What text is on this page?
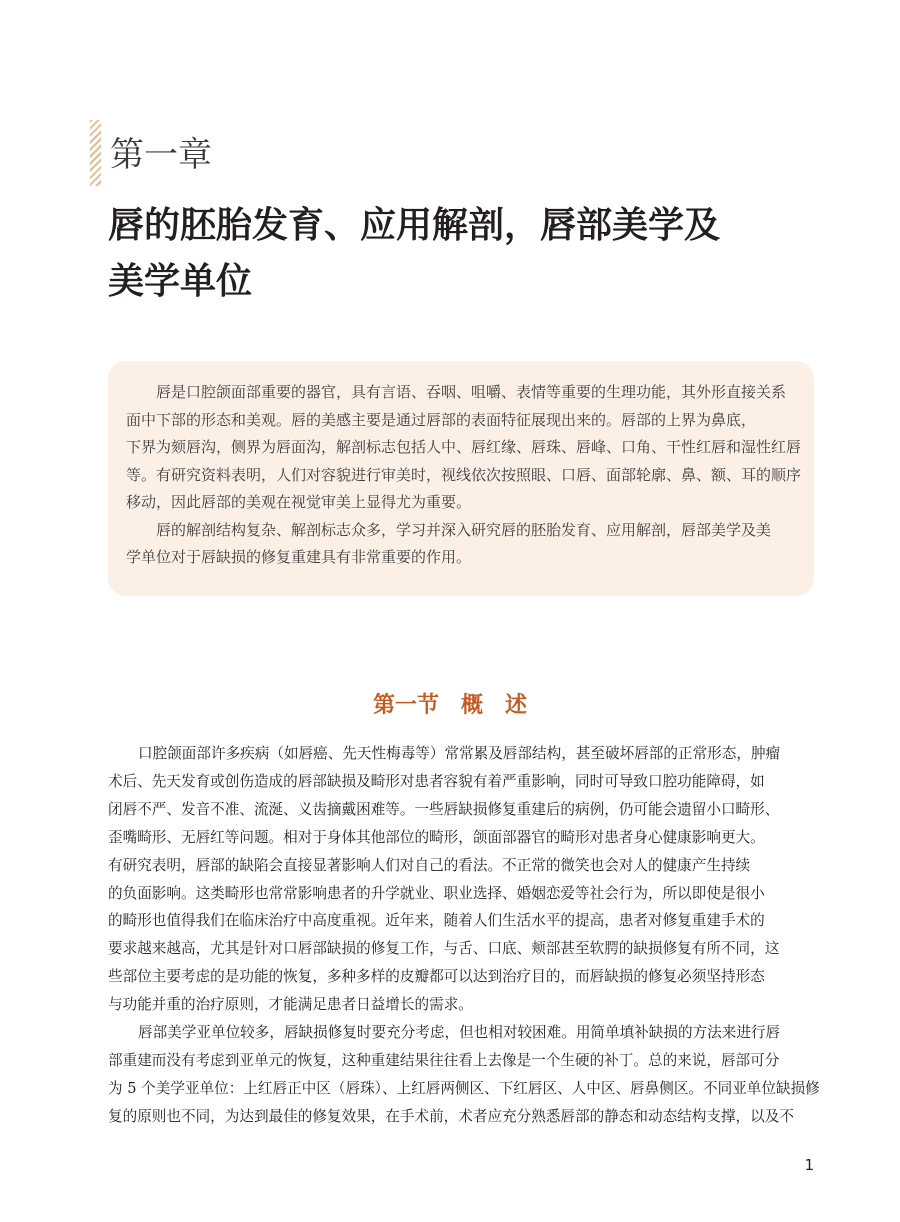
第一章
唇的胚胎发育、应用解剖，唇部美学及
美学单位

唇是口腔颌面部重要的器官，具有言语、吞咽、咀嚼、表情等重要的生理功能，其外形直接关系
面中下部的形态和美观。唇的美感主要是通过唇部的表面特征展现出来的。唇部的上界为鼻底，
下界为颏唇沟，侧界为唇面沟，解剖标志包括人中、唇红缘、唇珠、唇峰、口角、干性红唇和湿性红唇
等。有研究资料表明，人们对容貌进行审美时，视线依次按照眼、口唇、面部轮廓、鼻、额、耳的顺序
移动，因此唇部的美观在视觉审美上显得尤为重要。

唇的解剖结构复杂、解剖标志众多，学习并深入研究唇的胚胎发育、应用解剖，唇部美学及美
学单位对于唇缺损的修复重建具有非常重要的作用。

第一节　概　述

口腔颌面部许多疾病（如唇癌、先天性梅毒等）常常累及唇部结构，甚至破坏唇部的正常形态，肿瘤
术后、先天发育或创伤造成的唇部缺损及畸形对患者容貌有着严重影响，同时可导致口腔功能障碍，如
闭唇不严、发音不准、流涎、义齿摘戴困难等。一些唇缺损修复重建后的病例，仍可能会遗留小口畸形、
歪嘴畸形、无唇红等问题。相对于身体其他部位的畸形，颌面部器官的畸形对患者身心健康影响更大。
有研究表明，唇部的缺陷会直接显著影响人们对自己的看法。不正常的微笑也会对人的健康产生持续
的负面影响。这类畸形也常常影响患者的升学就业、职业选择、婚姻恋爱等社会行为，所以即使是很小
的畸形也值得我们在临床治疗中高度重视。近年来，随着人们生活水平的提高，患者对修复重建手术的
要求越来越高，尤其是针对口唇部缺损的修复工作，与舌、口底、颊部甚至软腭的缺损修复有所不同，这
些部位主要考虑的是功能的恢复，多种多样的皮瓣都可以达到治疗目的，而唇缺损的修复必须坚持形态
与功能并重的治疗原则，才能满足患者日益增长的需求。

唇部美学亚单位较多，唇缺损修复时要充分考虑，但也相对较困难。用简单填补缺损的方法来进行唇
部重建而没有考虑到亚单元的恢复，这种重建结果往往看上去像是一个生硬的补丁。总的来说，唇部可分
为 5 个美学亚单位：上红唇正中区（唇珠）、上红唇两侧区、下红唇区、人中区、唇鼻侧区。不同亚单位缺损修
复的原则也不同，为达到最佳的修复效果，在手术前，术者应充分熟悉唇部的静态和动态结构支撑，以及不

1
